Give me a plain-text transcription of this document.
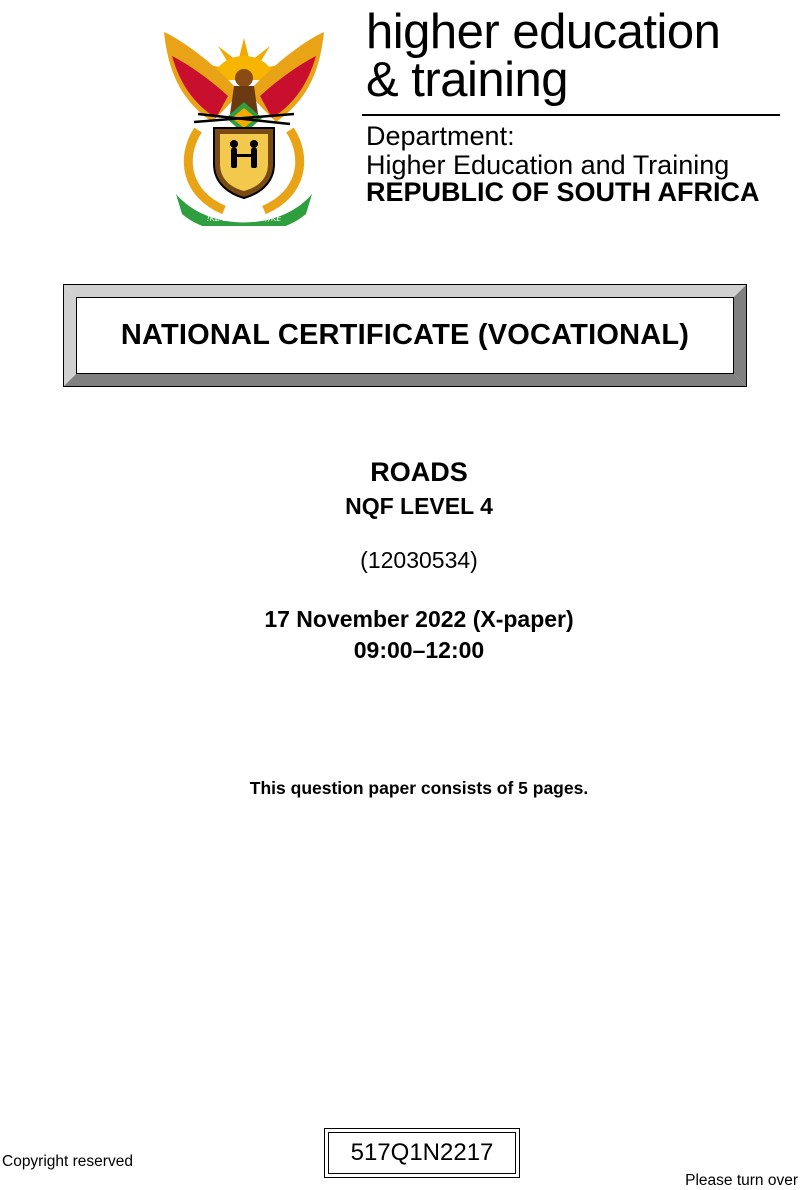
!KE E: /XARRA //KE
higher education
& training
Department:
Higher Education and Training
REPUBLIC OF SOUTH AFRICA
NATIONAL CERTIFICATE (VOCATIONAL)
ROADS
NQF LEVEL 4
(12030534)
17 November 2022 (X-paper)
09:00–12:00
This question paper consists of 5 pages.
Copyright reserved	517Q1N2217
Please turn over
